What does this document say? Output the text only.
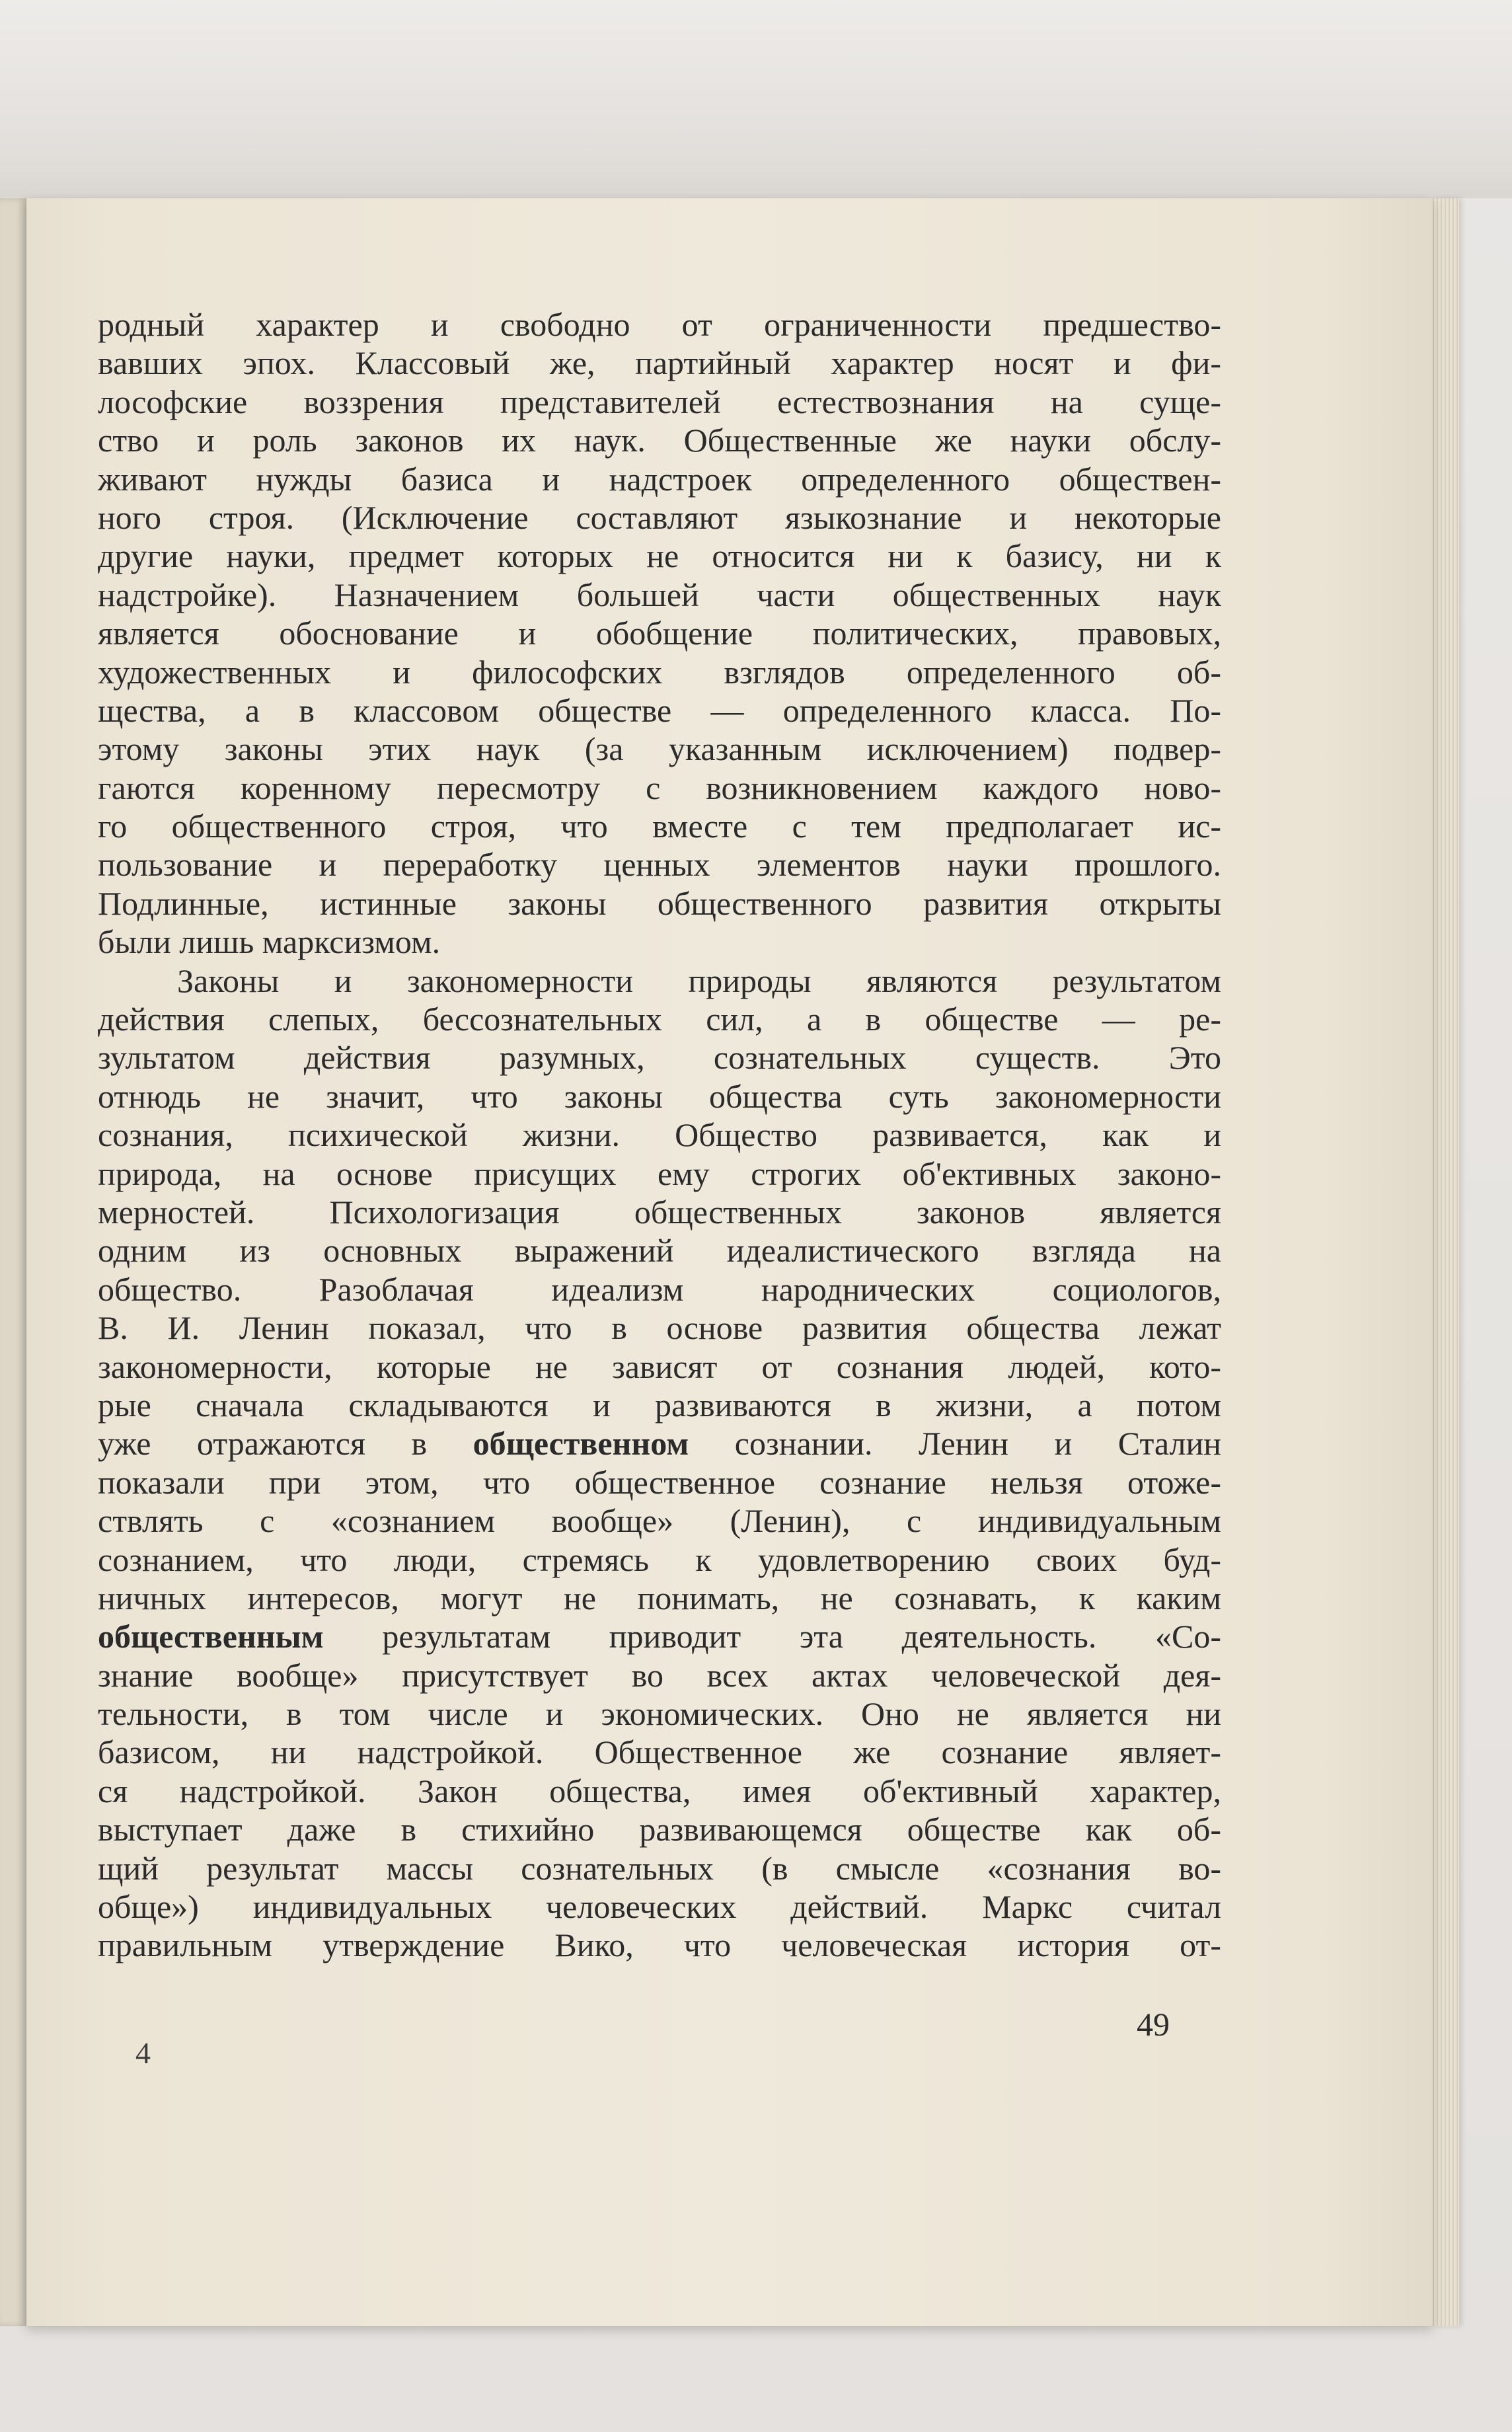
родный характер и свободно от ограниченности предшество-
вавших эпох. Классовый же, партийный характер носят и фи-
лософские воззрения представителей естествознания на суще-
ство и роль законов их наук. Общественные же науки обслу-
живают нужды базиса и надстроек определенного обществен-
ного строя. (Исключение составляют языкознание и некоторые
другие науки, предмет которых не относится ни к базису, ни к
надстройке). Назначением большей части общественных наук
является обоснование и обобщение политических, правовых,
художественных и философских взглядов определенного об-
щества, а в классовом обществе — определенного класса. По-
этому законы этих наук (за указанным исключением) подвер-
гаются коренному пересмотру с возникновением каждого ново-
го общественного строя, что вместе с тем предполагает ис-
пользование и переработку ценных элементов науки прошлого.
Подлинные, истинные законы общественного развития открыты
были лишь марксизмом.
Законы и закономерности природы являются результатом
действия слепых, бессознательных сил, а в обществе — ре-
зультатом действия разумных, сознательных существ. Это
отнюдь не значит, что законы общества суть закономерности
сознания, психической жизни. Общество развивается, как и
природа, на основе присущих ему строгих об'ективных законо-
мерностей. Психологизация общественных законов является
одним из основных выражений идеалистического взгляда на
общество. Разоблачая идеализм народнических социологов,
В. И. Ленин показал, что в основе развития общества лежат
закономерности, которые не зависят от сознания людей, кото-
рые сначала складываются и развиваются в жизни, а потом
уже отражаются в общественном сознании. Ленин и Сталин
показали при этом, что общественное сознание нельзя отоже-
ствлять с «сознанием вообще» (Ленин), с индивидуальным
сознанием, что люди, стремясь к удовлетворению своих буд-
ничных интересов, могут не понимать, не сознавать, к каким
общественным результатам приводит эта деятельность. «Со-
знание вообще» присутствует во всех актах человеческой дея-
тельности, в том числе и экономических. Оно не является ни
базисом, ни надстройкой. Общественное же сознание являет-
ся надстройкой. Закон общества, имея об'ективный характер,
выступает даже в стихийно развивающемся обществе как об-
щий результат массы сознательных (в смысле «сознания во-
обще») индивидуальных человеческих действий. Маркс считал
правильным утверждение Вико, что человеческая история от-
49
4
